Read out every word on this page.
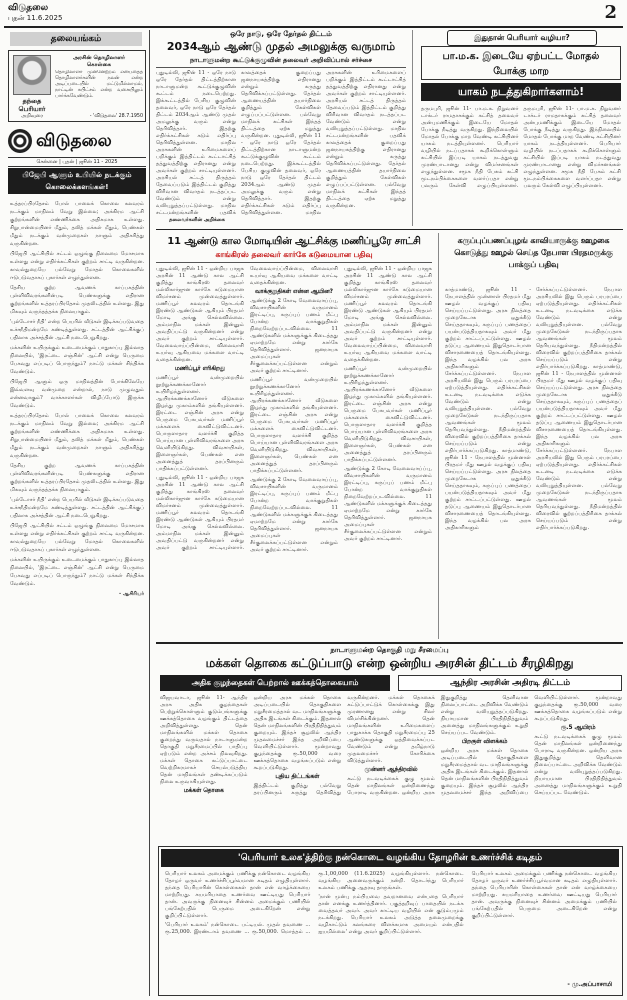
விடுதலை
புதன் 11.6.2025	2
தலையங்கம்
தந்தை பெரியார்
அறிவுரை
அரசின் தொழிலாளர்
கொள்கை
தொழிலாளர் முன்னேற்றம் என்பதைத் தொழிலாளர்களின் நலன் என்ற அடிப்படையில் மட்டுமில்லாமல், நாட்டின் சுபிட்சம் என்ற வகையிலும் பார்க்கவேண்டும்.
- 'விடுதலை' 28.7.1950
விடுதலை
சென்னை | புதன் | ஜூன் 11 - 2025
பிஜேபி ஆளும் உபியில் நடக்கும் கொலைக்களங்கள்!

உத்தரப்பிரதேசம் போல் பாலைக் கொலை கலவரம் நடக்கும் மாநிலம் வேறு இல்லை; அக்கிரம ஆட்சி குற்றங்களின் எண்ணிக்கை அதிகமாக உள்ளது. சிறுபான்மையினர் மீதும், தலித் மக்கள் மீதும், பெண்கள் மீதும் நடக்கும் வன்முறைகள் நாளும் அதிகரித்து வருகின்றன.

பிஜேபி ஆட்சியில் சட்டம் ஒழுங்கு நிலைமை மோசமாக உள்ளது என்று எதிர்க்கட்சிகள் குற்றம் சாட்டி வருகின்றன. காவல்துறையே பல்வேறு மோதல் கொலைகளில் ஈடுபடுவதாகப் புகார்கள் எழுந்துள்ளன.

தேசிய குற்ற ஆவணக் காப்பகத்தின் புள்ளிவிவரங்களின்படி பெண்களுக்கு எதிரான குற்றங்களில் உத்தரப்பிரதேசம் முதலிடத்தில் உள்ளது. இது மிகவும் வருந்தத்தக்க நிலையாகும்.

'புல்டோசர் நீதி' என்ற பெயரில் வீடுகள் இடிக்கப்படுவதை உச்சநீதிமன்றமே கண்டித்துள்ளது. சட்டத்தின் ஆட்சிக்குப் பதிலாக அச்சத்தின் ஆட்சி நடைபெறுகிறது.

மக்களின் உயிருக்கும் உடைமைக்கும் பாதுகாப்பு இல்லாத நிலையில், 'இரட்டை எஞ்சின்' ஆட்சி என்று பெருமை பேசுவது எப்படிப் பொருந்தும்? நாட்டு மக்கள் சிந்திக்க வேண்டும்.

பிஜேபி ஆளும் ஒரு மாநிலத்தின் போக்கிலேயே இவ்வளவு வன்முறை என்றால், நாடு முழுவதும் என்னவாகும்? வாக்காளர்கள் விழிப்போடு இருக்க வேண்டும்.

உத்தரப்பிரதேசம் போல் பாலைக் கொலை கலவரம் நடக்கும் மாநிலம் வேறு இல்லை; அக்கிரம ஆட்சி குற்றங்களின் எண்ணிக்கை அதிகமாக உள்ளது. சிறுபான்மையினர் மீதும், தலித் மக்கள் மீதும், பெண்கள் மீதும் நடக்கும் வன்முறைகள் நாளும் அதிகரித்து வருகின்றன.

தேசிய குற்ற ஆவணக் காப்பகத்தின் புள்ளிவிவரங்களின்படி பெண்களுக்கு எதிரான குற்றங்களில் உத்தரப்பிரதேசம் முதலிடத்தில் உள்ளது. இது மிகவும் வருந்தத்தக்க நிலையாகும்.

'புல்டோசர் நீதி' என்ற பெயரில் வீடுகள் இடிக்கப்படுவதை உச்சநீதிமன்றமே கண்டித்துள்ளது. சட்டத்தின் ஆட்சிக்குப் பதிலாக அச்சத்தின் ஆட்சி நடைபெறுகிறது.

பிஜேபி ஆட்சியில் சட்டம் ஒழுங்கு நிலைமை மோசமாக உள்ளது என்று எதிர்க்கட்சிகள் குற்றம் சாட்டி வருகின்றன. காவல்துறையே பல்வேறு மோதல் கொலைகளில் ஈடுபடுவதாகப் புகார்கள் எழுந்துள்ளன.

மக்களின் உயிருக்கும் உடைமைக்கும் பாதுகாப்பு இல்லாத நிலையில், 'இரட்டை எஞ்சின்' ஆட்சி என்று பெருமை பேசுவது எப்படிப் பொருந்தும்? நாட்டு மக்கள் சிந்திக்க வேண்டும்.

- ஆசிரியர்

ஒரே நாடு, ஒரே தேர்தல் திட்டம்
2034ஆம் ஆண்டு முதல் அமலுக்கு வருமாம்
நாடாளுமன்ற கூட்டுக்குழுவின் தலைவர் அறிவிப்பால் சர்ச்சை
புதுடில்லி, ஜூன் 11 - ஒரே நாடு ஒரே தேர்தல் திட்டத்திற்கான நாடாளுமன்ற கூட்டுக்குழுவின் கூட்டம் நடைபெற்றது. இக்கூட்டத்தில் பேசிய குழுவின் தலைவர், ஒரே நாடு ஒரே தேர்தல் திட்டம் 2034ஆம் ஆண்டு முதல் அமலுக்கு வரும் என்று தெரிவித்தார். இதற்கு எதிர்க்கட்சிகள் கடும் எதிர்ப்பு தெரிவித்துள்ளன. மாநில அரசுகளின் உரிமைகளைப் பறிக்கும் இத்திட்டம் கூட்டாட்சித் தத்துவத்திற்கு எதிரானது என்று அவர்கள் குற்றம் சாட்டியுள்ளனர். அரசியல் சட்டத் திருத்தம் தேவைப்படும் இத்திட்டம் குறித்து விரிவான விவாதம் நடத்தப்பட வேண்டும் என்று வலியுறுத்தப்பட்டுள்ளது. மாநில சட்டமன்றங்களின் பதவிக் காலத்தைக் குறைப்பது ஜனநாயகத்திற்கு எதிரானது என்றும் கருத்து தெரிவிக்கப்பட்டுள்ளது. தேர்தல் ஆணையத்தின் தயார்நிலை குறித்தும் கேள்விகள் எழுப்பப்பட்டுள்ளன. பல்வேறு மாநிலக் கட்சிகள் இந்தத் திட்டத்தை ஏற்க மறுத்து வருகின்றன. புதுடில்லி, ஜூன் 11 - ஒரே நாடு ஒரே தேர்தல் திட்டத்திற்கான நாடாளுமன்ற கூட்டுக்குழுவின் கூட்டம் நடைபெற்றது. இக்கூட்டத்தில் பேசிய குழுவின் தலைவர், ஒரே நாடு ஒரே தேர்தல் திட்டம் 2034ஆம் ஆண்டு முதல் அமலுக்கு வரும் என்று தெரிவித்தார். இதற்கு எதிர்க்கட்சிகள் கடும் எதிர்ப்பு தெரிவித்துள்ளன. மாநில அரசுகளின் உரிமைகளைப் பறிக்கும் இத்திட்டம் கூட்டாட்சித் தத்துவத்திற்கு எதிரானது என்று அவர்கள் குற்றம் சாட்டியுள்ளனர். அரசியல் சட்டத் திருத்தம் தேவைப்படும் இத்திட்டம் குறித்து விரிவான விவாதம் நடத்தப்பட வேண்டும் என்று வலியுறுத்தப்பட்டுள்ளது. மாநில சட்டமன்றங்களின் பதவிக் காலத்தைக் குறைப்பது ஜனநாயகத்திற்கு எதிரானது என்றும் கருத்து தெரிவிக்கப்பட்டுள்ளது. தேர்தல் ஆணையத்தின் தயார்நிலை குறித்தும் கேள்விகள் எழுப்பப்பட்டுள்ளன. பல்வேறு மாநிலக் கட்சிகள் இந்தத் திட்டத்தை ஏற்க மறுத்து வருகின்றன.
தலைவர்களின் அறிக்கை
இதுதான் பெரியார் வழியா?
பா.ம.க. இடையே ஏற்பட்ட மோதல் போக்கு மாற
யாகம் நடத்துகிறார்களாம்!
தருமபுரி, ஜூன் 11- பா.ம.க. நிறுவனர் டாக்டர் ராமதாசுக்கும் கட்சித் தலைவர் அன்புமணிக்கும் இடையே மோதல் போக்கு நீடித்து வருகிறது. இந்நிலையில் மோதல் போக்கு மாற வேண்டி கட்சியினர் யாகம் நடத்தியுள்ளனர். பெரியார் வழியில் நடப்பதாகக் கூறிக்கொள்ளும் கட்சியில் இப்படி யாகம் நடத்துவது முரண்பாடானது என்று விமர்சனங்கள் எழுந்துள்ளன. சமூக நீதி பேசும் கட்சி மூடநம்பிக்கைகளை வளர்ப்பதா என்று பலரும் கேள்வி எழுப்பியுள்ளனர். தருமபுரி, ஜூன் 11- பா.ம.க. நிறுவனர் டாக்டர் ராமதாசுக்கும் கட்சித் தலைவர் அன்புமணிக்கும் இடையே மோதல் போக்கு நீடித்து வருகிறது. இந்நிலையில் மோதல் போக்கு மாற வேண்டி கட்சியினர் யாகம் நடத்தியுள்ளனர். பெரியார் வழியில் நடப்பதாகக் கூறிக்கொள்ளும் கட்சியில் இப்படி யாகம் நடத்துவது முரண்பாடானது என்று விமர்சனங்கள் எழுந்துள்ளன. சமூக நீதி பேசும் கட்சி மூடநம்பிக்கைகளை வளர்ப்பதா என்று பலரும் கேள்வி எழுப்பியுள்ளனர்.
11 ஆண்டு கால மோடியின் ஆட்சிக்கு மணிப்பூரே சாட்சி
காங்கிரஸ் தலைவர் கார்கே கடுமையான பதிவு

புதுடில்லி, ஜூன் 11 - ஒன்றிய பாஜக அரசின் 11 ஆண்டு கால ஆட்சி குறித்து காங்கிரஸ் தலைவர் மல்லிகார்ஜுன கார்கே கடுமையான விமர்சனம் முன்வைத்துள்ளார். மணிப்பூர் கலவரம் தொடங்கி இரண்டு ஆண்டுகள் ஆகியும் பிரதமர் மோடி அங்கு செல்லவில்லை. அம்மாநில மக்கள் இன்னும் அவதிப்பட்டு வருகின்றனர் என்று அவர் குற்றம் சாட்டியுள்ளார். வேலைவாய்ப்பின்மை, விலைவாசி உயர்வு ஆகியவை மக்களை வாட்டி வதைக்கின்றன.

மணிப்பூர் எரிகிறது

மணிப்பூர் வன்முறையில் நூற்றுக்கணக்கானோர் உயிரிழந்துள்ளனர். ஆயிரக்கணக்கானோர் வீடுகளை இழந்து முகாம்களில் தங்கியுள்ளனர். இரட்டை எஞ்சின் அரசு என்று பெருமை பேசுபவர்கள் மணிப்பூர் மக்களைக் கைவிட்டுவிட்டனர். பொருளாதார வளர்ச்சி குறித்த பொய்யான புள்ளிவிவரங்களை அரசு வெளியிடுகிறது. விவசாயிகள், இளைஞர்கள், பெண்கள் என அனைத்துத் தரப்பினரும் பாதிக்கப்பட்டுள்ளனர்.

புதுடில்லி, ஜூன் 11 - ஒன்றிய பாஜக அரசின் 11 ஆண்டு கால ஆட்சி குறித்து காங்கிரஸ் தலைவர் மல்லிகார்ஜுன கார்கே கடுமையான விமர்சனம் முன்வைத்துள்ளார். மணிப்பூர் கலவரம் தொடங்கி இரண்டு ஆண்டுகள் ஆகியும் பிரதமர் மோடி அங்கு செல்லவில்லை. அம்மாநில மக்கள் இன்னும் அவதிப்பட்டு வருகின்றனர் என்று அவர் குற்றம் சாட்டியுள்ளார். வேலைவாய்ப்பின்மை, விலைவாசி உயர்வு ஆகியவை மக்களை வாட்டி வதைக்கின்றன.

வாக்குறுதிகள் என்ன ஆயின?

ஆண்டுக்கு 2 கோடி வேலைவாய்ப்பு, விவசாயிகளின் வருமானம் இரட்டிப்பு, கருப்புப் பணம் மீட்பு போன்ற வாக்குறுதிகள் நிறைவேற்றப்படவில்லை. 11 ஆண்டுகளில் மக்களுக்குக் கிடைத்தது ஏமாற்றமே என்று கார்கே தெரிவித்துள்ளார். ஜனநாயக அமைப்புகள் சீர்குலைக்கப்பட்டுள்ளன என்றும் அவர் குற்றம் சாட்டினார்.

மணிப்பூர் வன்முறையில் நூற்றுக்கணக்கானோர் உயிரிழந்துள்ளனர். ஆயிரக்கணக்கானோர் வீடுகளை இழந்து முகாம்களில் தங்கியுள்ளனர். இரட்டை எஞ்சின் அரசு என்று பெருமை பேசுபவர்கள் மணிப்பூர் மக்களைக் கைவிட்டுவிட்டனர். பொருளாதார வளர்ச்சி குறித்த பொய்யான புள்ளிவிவரங்களை அரசு வெளியிடுகிறது. விவசாயிகள், இளைஞர்கள், பெண்கள் என அனைத்துத் தரப்பினரும் பாதிக்கப்பட்டுள்ளனர்.

ஆண்டுக்கு 2 கோடி வேலைவாய்ப்பு, விவசாயிகளின் வருமானம் இரட்டிப்பு, கருப்புப் பணம் மீட்பு போன்ற வாக்குறுதிகள் நிறைவேற்றப்படவில்லை. 11 ஆண்டுகளில் மக்களுக்குக் கிடைத்தது ஏமாற்றமே என்று கார்கே தெரிவித்துள்ளார். ஜனநாயக அமைப்புகள் சீர்குலைக்கப்பட்டுள்ளன என்றும் அவர் குற்றம் சாட்டினார்.

புதுடில்லி, ஜூன் 11 - ஒன்றிய பாஜக அரசின் 11 ஆண்டு கால ஆட்சி குறித்து காங்கிரஸ் தலைவர் மல்லிகார்ஜுன கார்கே கடுமையான விமர்சனம் முன்வைத்துள்ளார். மணிப்பூர் கலவரம் தொடங்கி இரண்டு ஆண்டுகள் ஆகியும் பிரதமர் மோடி அங்கு செல்லவில்லை. அம்மாநில மக்கள் இன்னும் அவதிப்பட்டு வருகின்றனர் என்று அவர் குற்றம் சாட்டியுள்ளார். வேலைவாய்ப்பின்மை, விலைவாசி உயர்வு ஆகியவை மக்களை வாட்டி வதைக்கின்றன.

மணிப்பூர் வன்முறையில் நூற்றுக்கணக்கானோர் உயிரிழந்துள்ளனர். ஆயிரக்கணக்கானோர் வீடுகளை இழந்து முகாம்களில் தங்கியுள்ளனர். இரட்டை எஞ்சின் அரசு என்று பெருமை பேசுபவர்கள் மணிப்பூர் மக்களைக் கைவிட்டுவிட்டனர். பொருளாதார வளர்ச்சி குறித்த பொய்யான புள்ளிவிவரங்களை அரசு வெளியிடுகிறது. விவசாயிகள், இளைஞர்கள், பெண்கள் என அனைத்துத் தரப்பினரும் பாதிக்கப்பட்டுள்ளனர்.

ஆண்டுக்கு 2 கோடி வேலைவாய்ப்பு, விவசாயிகளின் வருமானம் இரட்டிப்பு, கருப்புப் பணம் மீட்பு போன்ற வாக்குறுதிகள் நிறைவேற்றப்படவில்லை. 11 ஆண்டுகளில் மக்களுக்குக் கிடைத்தது ஏமாற்றமே என்று கார்கே தெரிவித்துள்ளார். ஜனநாயக அமைப்புகள் சீர்குலைக்கப்பட்டுள்ளன என்றும் அவர் குற்றம் சாட்டினார்.

கருப்புப்பணப்புழங் காவியாருக்கு ஊழகை கொடுத்து ஊழல் செய்த நேபாள பிரதமருக்கு பாக்குப் பதிவு
காத்மாண்டு, ஜூன் 11 - நேபாளத்தில் முன்னாள் பிரதமர் மீது ஊழல் வழக்குப் பதிவு செய்யப்பட்டுள்ளது. அரசு நிலத்தை முறைகேடாக ஒதுக்கீடு செய்ததாகவும், கருப்புப் பணத்தைப் பயன்படுத்தியதாகவும் அவர் மீது குற்றம் சாட்டப்பட்டுள்ளது. ஊழல் தடுப்பு ஆணையம் இதுதொடர்பான விசாரணையைத் தொடங்கியுள்ளது. இந்த வழக்கில் பல அரசு அதிகாரிகளும் சேர்க்கப்பட்டுள்ளனர். நேபாள அரசியலில் இது பெரும் பரபரப்பை ஏற்படுத்தியுள்ளது. எதிர்க்கட்சிகள் உடனடி நடவடிக்கை எடுக்க வேண்டும் என்று வலியுறுத்தியுள்ளன. பல்வேறு முறைகேடுகள் நடந்திருப்பதாக ஆவணங்கள் மூலம் தெரியவந்துள்ளது. நீதிமன்றத்தில் விரைவில் குற்றப்பத்திரிகை தாக்கல் செய்யப்படும் என்று எதிர்பார்க்கப்படுகிறது. காத்மாண்டு, ஜூன் 11 - நேபாளத்தில் முன்னாள் பிரதமர் மீது ஊழல் வழக்குப் பதிவு செய்யப்பட்டுள்ளது. அரசு நிலத்தை முறைகேடாக ஒதுக்கீடு செய்ததாகவும், கருப்புப் பணத்தைப் பயன்படுத்தியதாகவும் அவர் மீது குற்றம் சாட்டப்பட்டுள்ளது. ஊழல் தடுப்பு ஆணையம் இதுதொடர்பான விசாரணையைத் தொடங்கியுள்ளது. இந்த வழக்கில் பல அரசு அதிகாரிகளும் சேர்க்கப்பட்டுள்ளனர். நேபாள அரசியலில் இது பெரும் பரபரப்பை ஏற்படுத்தியுள்ளது. எதிர்க்கட்சிகள் உடனடி நடவடிக்கை எடுக்க வேண்டும் என்று வலியுறுத்தியுள்ளன. பல்வேறு முறைகேடுகள் நடந்திருப்பதாக ஆவணங்கள் மூலம் தெரியவந்துள்ளது. நீதிமன்றத்தில் விரைவில் குற்றப்பத்திரிகை தாக்கல் செய்யப்படும் என்று எதிர்பார்க்கப்படுகிறது. காத்மாண்டு, ஜூன் 11 - நேபாளத்தில் முன்னாள் பிரதமர் மீது ஊழல் வழக்குப் பதிவு செய்யப்பட்டுள்ளது. அரசு நிலத்தை முறைகேடாக ஒதுக்கீடு செய்ததாகவும், கருப்புப் பணத்தைப் பயன்படுத்தியதாகவும் அவர் மீது குற்றம் சாட்டப்பட்டுள்ளது. ஊழல் தடுப்பு ஆணையம் இதுதொடர்பான விசாரணையைத் தொடங்கியுள்ளது. இந்த வழக்கில் பல அரசு அதிகாரிகளும் சேர்க்கப்பட்டுள்ளனர். நேபாள அரசியலில் இது பெரும் பரபரப்பை ஏற்படுத்தியுள்ளது. எதிர்க்கட்சிகள் உடனடி நடவடிக்கை எடுக்க வேண்டும் என்று வலியுறுத்தியுள்ளன. பல்வேறு முறைகேடுகள் நடந்திருப்பதாக ஆவணங்கள் மூலம் தெரியவந்துள்ளது. நீதிமன்றத்தில் விரைவில் குற்றப்பத்திரிகை தாக்கல் செய்யப்படும் என்று எதிர்பார்க்கப்படுகிறது.
நாடாளுமன்ற தொகுதி மறு சீரமைப்பு
மக்கள் தொகை கட்டுப்பாடு என்ற ஒன்றிய அரசின் திட்டம் சீரழிகிறது
அதிக குழந்தைகள் பெற்றால் ஊக்கத்தொகையாம்	ஆந்திர அரசின் அதிரடி திட்டம்

விஜயவாடா, ஜூன் 11- ஆந்திர அரசு அதிக குழந்தைகள் பெற்றுக்கொள்ளும் குடும்பங்களுக்கு ஊக்கத்தொகை வழங்கும் திட்டத்தை அறிவித்துள்ளது. தென் மாநிலங்களில் மக்கள் தொகை குறைந்து வருவதால் நாடாளுமன்ற தொகுதி மறுசீரமைப்பில் பாதிப்பு ஏற்படும் என்ற அச்சம் நிலவுகிறது. மக்கள் தொகை கட்டுப்பாட்டை வெற்றிகரமாகச் செயல்படுத்திய தென் மாநிலங்கள் தண்டிக்கப்படும் நிலை உருவாகியுள்ளது.

மக்கள் தொகை

ஒன்றிய அரசு மக்கள் தொகை அடிப்படையில் தொகுதிகளை மறுசீரமைத்தால் வட மாநிலங்களுக்கு அதிக இடங்கள் கிடைக்கும். இதனால் தென் மாநிலங்களின் பிரதிநிதித்துவம் குறையும். இந்தச் சூழலில் ஆந்திர முதலமைச்சர் இந்த அறிவிப்பை வெளியிட்டுள்ளார். மூன்றாவது குழந்தைக்கு ரூ.50,000 வரை ஊக்கத்தொகை வழங்கப்படும் என்று கூறப்படுகிறது.

புதிய திட்டங்கள்

இத்திட்டம் குறித்து பல்வேறு தரப்பினரும் கருத்து தெரிவித்து வருகின்றனர். மக்கள் தொகைக் கட்டுப்பாட்டுக் கொள்கைக்கு இது முரணானது என்று சிலர் விமர்சிக்கின்றனர். தென் மாநிலங்களின் உரிமைகளைப் பாதுகாக்க தொகுதி மறுசீரமைப்பு 25 ஆண்டுகளுக்கு ஒத்திவைக்கப்பட வேண்டும் என்று தமிழ்நாடு முதலமைச்சர் கோரிக்கை விடுத்துள்ளார்.

முன்னர் ஆந்திரவில்

கூட்டு நடவடிக்கைக் குழு மூலம் தென் மாநிலங்கள் ஒன்றிணைந்து போராடி வருகின்றன. ஒன்றிய அரசு இதுகுறித்து தெளிவான நிலைப்பாட்டை அறிவிக்க வேண்டும் என்று வலியுறுத்தப்படுகிறது. நியாயமான பிரதிநிதித்துவம் அனைத்து மாநிலங்களுக்கும் உறுதி செய்யப்பட வேண்டும்.

பிறகுள் விளக்கம்

ஒன்றிய அரசு மக்கள் தொகை அடிப்படையில் தொகுதிகளை மறுசீரமைத்தால் வட மாநிலங்களுக்கு அதிக இடங்கள் கிடைக்கும். இதனால் தென் மாநிலங்களின் பிரதிநிதித்துவம் குறையும். இந்தச் சூழலில் ஆந்திர முதலமைச்சர் இந்த அறிவிப்பை வெளியிட்டுள்ளார். மூன்றாவது குழந்தைக்கு ரூ.50,000 வரை ஊக்கத்தொகை வழங்கப்படும் என்று கூறப்படுகிறது.

ரூ.5 ஆயிரம்

கூட்டு நடவடிக்கைக் குழு மூலம் தென் மாநிலங்கள் ஒன்றிணைந்து போராடி வருகின்றன. ஒன்றிய அரசு இதுகுறித்து தெளிவான நிலைப்பாட்டை அறிவிக்க வேண்டும் என்று வலியுறுத்தப்படுகிறது. நியாயமான பிரதிநிதித்துவம் அனைத்து மாநிலங்களுக்கும் உறுதி செய்யப்பட வேண்டும்.

'பெரியார் உலக'த்திற்கு நன்கொடை வழங்கிய தோழரின் உணர்ச்சிக் கடிதம்

பெரியார் உலகம் அமைக்கும் பணிக்கு நன்கொடை வழங்கிய தோழர் ஒருவர் உணர்ச்சிப்பூர்வமான கடிதம் எழுதியுள்ளார். தந்தை பெரியாரின் கொள்கைகள் தான் என் வாழ்க்கையை மாற்றியது. சுயமரியாதை உணர்வை ஊட்டியது பெரியார் தான். அவருக்கு நினைவுச் சின்னம் அமைக்கும் பணியில் பங்கேற்பதில் பெருமை அடைகிறேன் என்று குறிப்பிட்டுள்ளார்.

'பெரியார் உலகம்' நன்கொடை பட்டியல். முதல் தவணை ... ரூ.25,000. இரண்டாம் தவணை ... ரூ.50,000. மொத்தம் ... ரூ.1,00,000 (11.6.2025) வழங்கியுள்ளார். நன்கொடை வழங்கிய அனைவருக்கும் நன்றி. தொடர்ந்து பெரியார் உலகம் பணிக்கு ஆதரவு தாருங்கள்.

'நான் முன்பு நம்பியவை தவறானவை என்பதை பெரியார் தான் எனக்கு உணர்த்தினார். பகுத்தறிவுப் பாதையில் நடக்க வைத்தவர் அவர். அவர் காட்டிய வழியில் என் குடும்பமும் நடக்கிறது. பெரியார் உலகம் அடுத்த தலைமுறைக்கு வழிகாட்டும் கலங்கரை விளக்கமாக அமையும் என்பதில் ஐயமில்லை' என்று அவர் குறிப்பிட்டுள்ளார்.

பெரியார் உலகம் அமைக்கும் பணிக்கு நன்கொடை வழங்கிய தோழர் ஒருவர் உணர்ச்சிப்பூர்வமான கடிதம் எழுதியுள்ளார். தந்தை பெரியாரின் கொள்கைகள் தான் என் வாழ்க்கையை மாற்றியது. சுயமரியாதை உணர்வை ஊட்டியது பெரியார் தான். அவருக்கு நினைவுச் சின்னம் அமைக்கும் பணியில் பங்கேற்பதில் பெருமை அடைகிறேன் என்று குறிப்பிட்டுள்ளார்.

- மு.அப்பாசாமி
